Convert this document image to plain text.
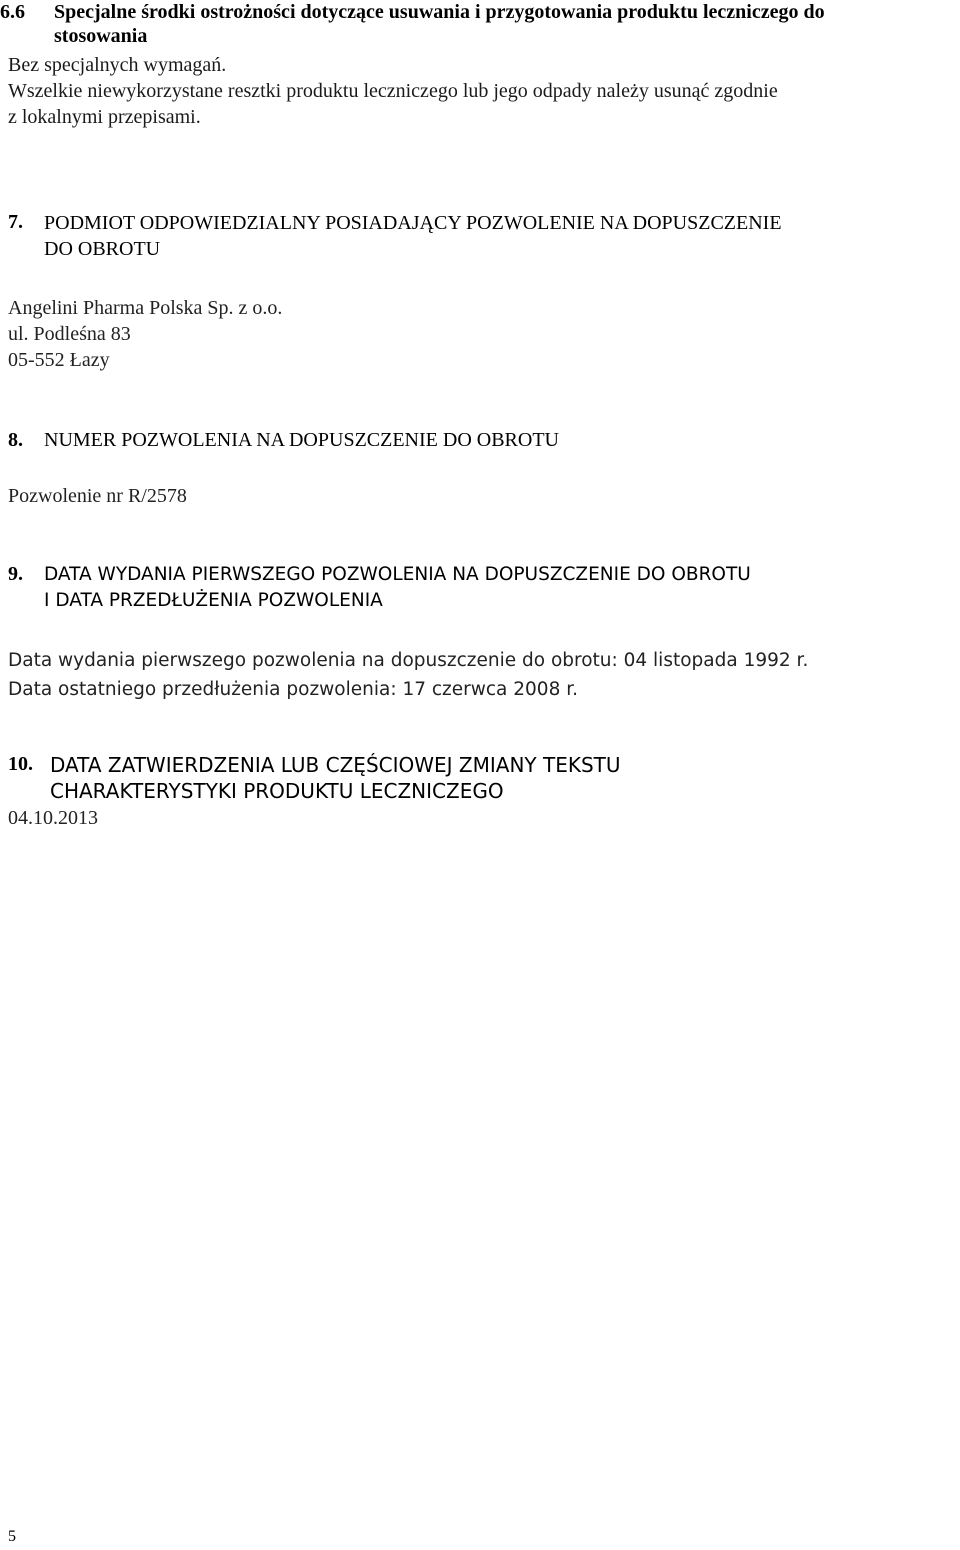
6.6 Specjalne środki ostrożności dotyczące usuwania i przygotowania produktu leczniczego do
stosowania
Bez specjalnych wymagań.
Wszelkie niewykorzystane resztki produktu leczniczego lub jego odpady należy usunąć zgodnie
z lokalnymi przepisami.
7. PODMIOT ODPOWIEDZIALNY POSIADAJĄCY POZWOLENIE NA DOPUSZCZENIE
DO OBROTU
Angelini Pharma Polska Sp. z o.o.
ul. Podleśna 83
05-552 Łazy
8. NUMER POZWOLENIA NA DOPUSZCZENIE DO OBROTU
Pozwolenie nr R/2578
9. DATA WYDANIA PIERWSZEGO POZWOLENIA NA DOPUSZCZENIE DO OBROTU
I DATA PRZEDŁUŻENIA POZWOLENIA
Data wydania pierwszego pozwolenia na dopuszczenie do obrotu: 04 listopada 1992 r.
Data ostatniego przedłużenia pozwolenia: 17 czerwca 2008 r.
10. DATA ZATWIERDZENIA LUB CZĘŚCIOWEJ ZMIANY TEKSTU
CHARAKTERYSTYKI PRODUKTU LECZNICZEGO
04.10.2013
5
